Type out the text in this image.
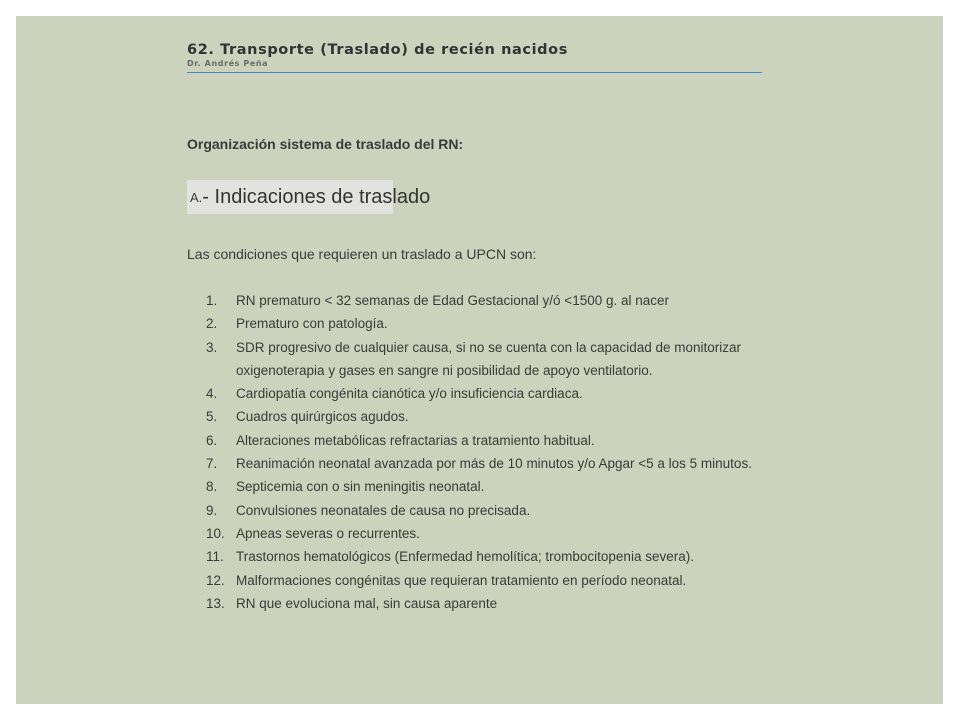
62. Transporte (Traslado) de recién nacidos

Dr. Andrés Peña

Organización sistema de traslado del RN:
A. - Indicaciones de traslado
Las condiciones que requieren un traslado a UPCN son:
1.	RN prematuro < 32 semanas de Edad Gestacional y/ó <1500 g. al nacer
2.	Prematuro con patología.
3.	SDR progresivo de cualquier causa, si no se cuenta con la capacidad de monitorizar oxigenoterapia y gases en sangre ni posibilidad de apoyo ventilatorio.
4.	Cardiopatía congénita cianótica y/o insuficiencia cardiaca.
5.	Cuadros quirúrgicos agudos.
6.	Alteraciones metabólicas refractarias a tratamiento habitual.
7.	Reanimación neonatal avanzada por más de 10 minutos y/o Apgar <5 a los 5 minutos.
8.	Septicemia con o sin meningitis neonatal.
9.	Convulsiones neonatales de causa no precisada.
10. Apneas severas o recurrentes.
11. Trastornos hematológicos (Enfermedad hemolítica; trombocitopenia severa).
12. Malformaciones congénitas que requieran tratamiento en período neonatal.
13. RN que evoluciona mal, sin causa aparente
